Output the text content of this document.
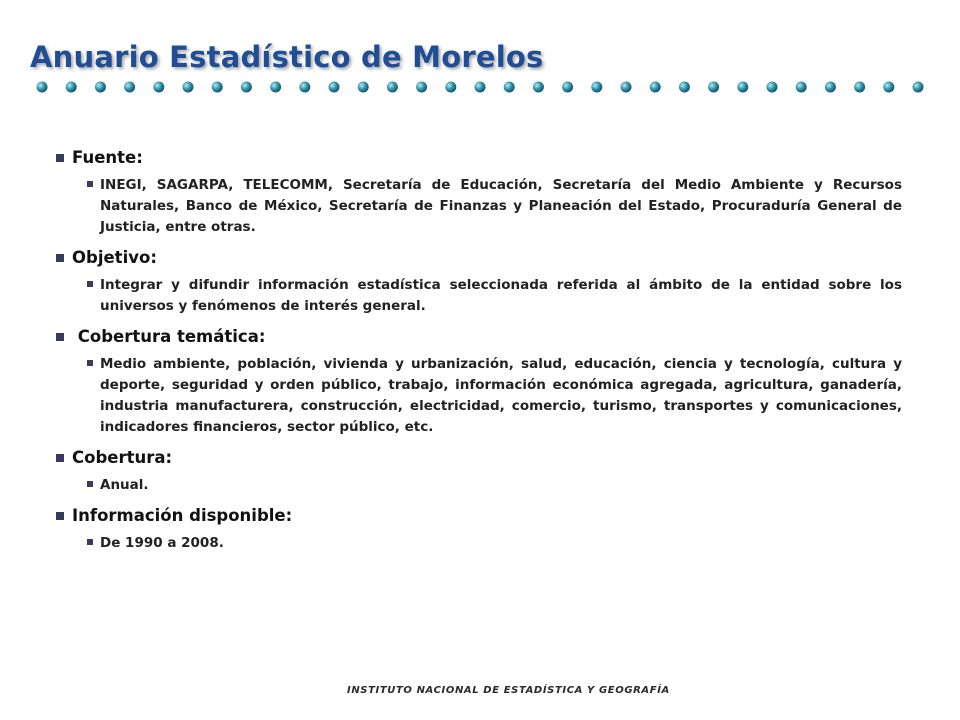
Anuario Estadístico de Morelos
Fuente:
INEGI, SAGARPA, TELECOMM, Secretaría de Educación, Secretaría del Medio Ambiente y Recursos Naturales, Banco de México, Secretaría de Finanzas y Planeación del Estado, Procuraduría General de Justicia, entre otras.
Objetivo:
Integrar y difundir información estadística seleccionada referida al ámbito de la entidad sobre los universos y fenómenos de interés general.
Cobertura temática:
Medio ambiente, población, vivienda y urbanización, salud, educación, ciencia y tecnología, cultura y deporte, seguridad y orden público, trabajo, información económica agregada, agricultura, ganadería, industria manufacturera, construcción, electricidad, comercio, turismo, transportes y comunicaciones, indicadores financieros, sector público, etc.
Cobertura:
Anual.
Información disponible:
De 1990 a 2008.
INSTITUTO NACIONAL DE ESTADÍSTICA Y GEOGRAFÍA
